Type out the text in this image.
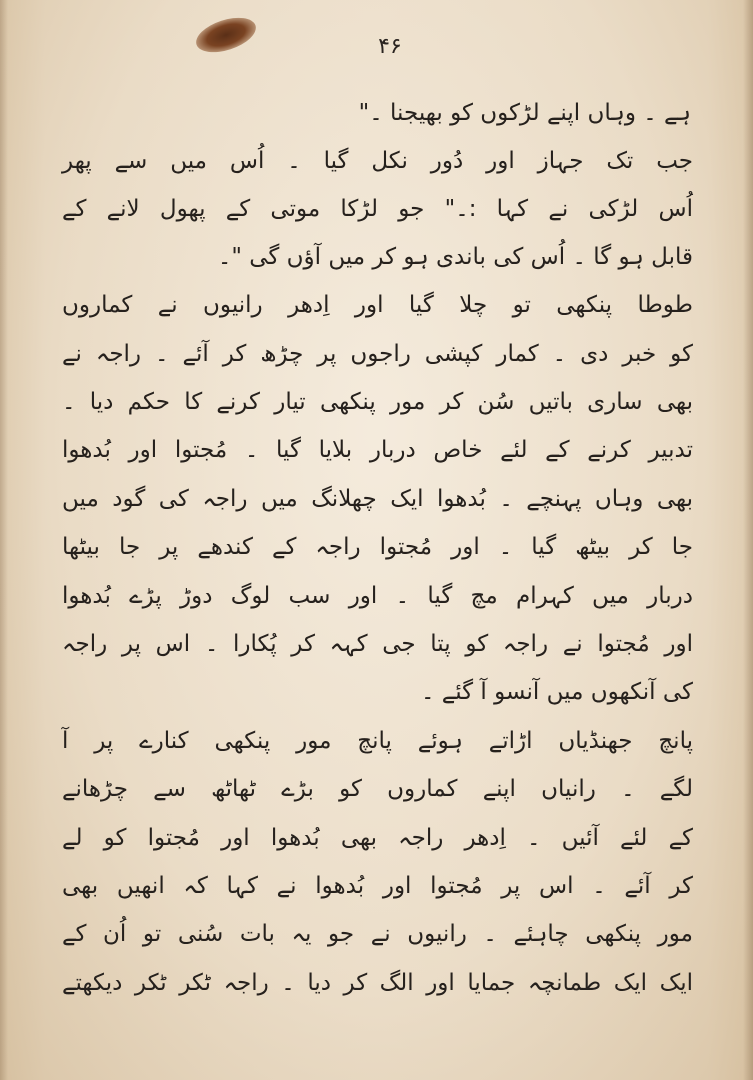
۴۶
ہے ۔ وہاں اپنے لڑکوں کو بھیجنا ۔"
جب تک جہاز اور دُور نکل گیا ۔ اُس میں سے پھر
اُس لڑکی نے کہا :۔" جو لڑکا موتی کے پھول لانے کے
قابل ہو گا ۔ اُس کی باندی ہو کر میں آؤں گی "۔
طوطا پنکھی تو چلا گیا اور اِدھر رانیوں نے کماروں
کو خبر دی ۔ کمار کپشی راجوں پر چڑھ کر آئے ۔ راجہ نے
بھی ساری باتیں سُن کر مور پنکھی تیار کرنے کا حکم دیا ۔
تدبیر کرنے کے لئے خاص دربار بلایا گیا ۔ مُجتوا اور بُدھوا
بھی وہاں پہنچے ۔ بُدھوا ایک چھلانگ میں راجہ کی گود میں
جا کر بیٹھ گیا ۔ اور مُجتوا راجہ کے کندھے پر جا بیٹھا
دربار میں کہرام مچ گیا ۔ اور سب لوگ دوڑ پڑے بُدھوا
اور مُجتوا نے راجہ کو پتا جی کہہ کر پُکارا ۔ اس پر راجہ
کی آنکھوں میں آنسو آ گئے ۔
پانچ جھنڈیاں اڑاتے ہوئے پانچ مور پنکھی کنارے پر آ
لگے ۔ رانیاں اپنے کماروں کو بڑے ٹھاٹھ سے چڑھانے
کے لئے آئیں ۔ اِدھر راجہ بھی بُدھوا اور مُجتوا کو لے
کر آئے ۔ اس پر مُجتوا اور بُدھوا نے کہا کہ انھیں بھی
مور پنکھی چاہئے ۔ رانیوں نے جو یہ بات سُنی تو اُن کے
ایک ایک طمانچہ جمایا اور الگ کر دیا ۔ راجہ ٹکر ٹکر دیکھتے
